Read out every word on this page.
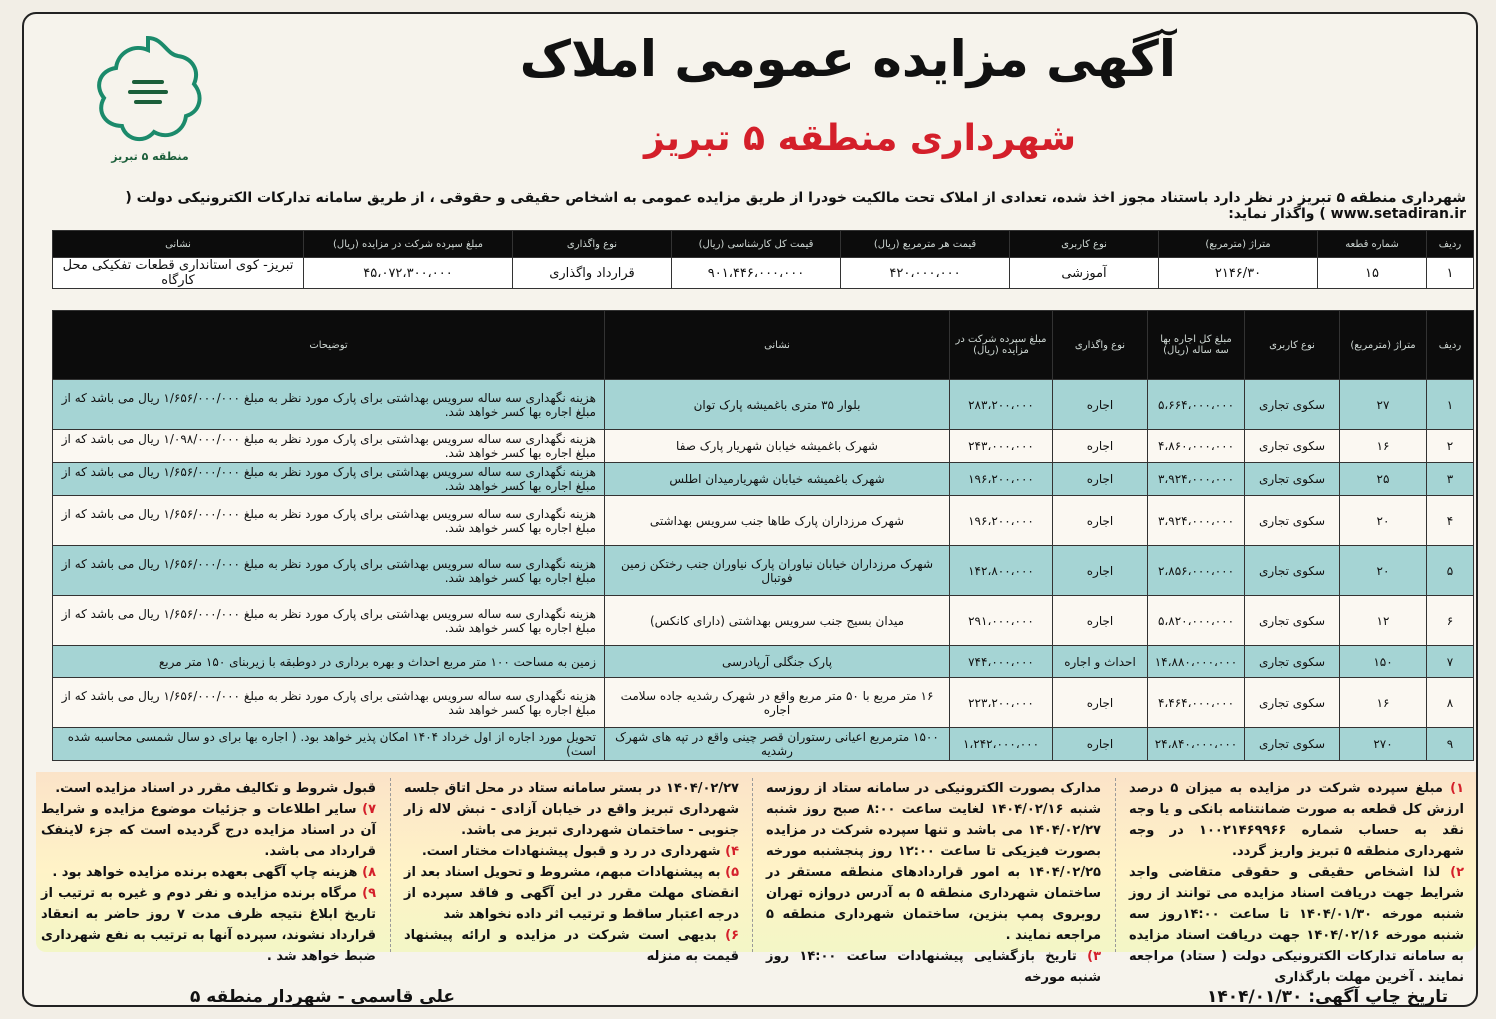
منطقه ۵ تبریز
آگهی مزایده عمومی املاک
شهرداری منطقه ۵ تبریز
شهرداری منطقه ۵ تبریز در نظر دارد باستناد مجوز اخذ شده، تعدادی از املاک تحت مالکیت خودرا از طریق مزایده عمومی به اشخاص حقیقی و حقوقی ، از طریق سامانه تدارکات الکترونیکی دولت ( www.setadiran.ir ) واگذار نماید:
ردیف	شماره قطعه	متراژ (مترمربع)	نوع کاربری	قیمت هر مترمربع (ریال)	قیمت کل کارشناسی (ریال)	نوع واگذاری	مبلغ سپرده شرکت در مزایده (ریال)	نشانی
۱	۱۵	۲۱۴۶/۳۰	آموزشی	۴۲۰،۰۰۰،۰۰۰	۹۰۱،۴۴۶،۰۰۰،۰۰۰	قرارداد واگذاری	۴۵،۰۷۲،۳۰۰،۰۰۰	تبریز- کوی استانداری قطعات تفکیکی محل کارگاه
ردیف	متراژ (مترمربع)	نوع کاربری	مبلغ کل اجاره بها سه ساله (ریال)	نوع واگذاری	مبلغ سپرده شرکت در مزایده (ریال)	نشانی	توضیحات
۱	۲۷	سکوی تجاری	۵،۶۶۴،۰۰۰،۰۰۰	اجاره	۲۸۳،۲۰۰،۰۰۰	بلوار ۳۵ متری باغمیشه پارک توان	هزینه نگهداری سه ساله سرویس بهداشتی برای پارک مورد نظر به مبلغ ۱/۶۵۶/۰۰۰/۰۰۰ ریال می باشد که از مبلغ اجاره بها کسر خواهد شد.
۲	۱۶	سکوی تجاری	۴،۸۶۰،۰۰۰،۰۰۰	اجاره	۲۴۳،۰۰۰،۰۰۰	شهرک باغمیشه خیابان شهریار پارک صفا	هزینه نگهداری سه ساله سرویس بهداشتی برای پارک مورد نظر به مبلغ ۱/۰۹۸/۰۰۰/۰۰۰ ریال می باشد که از مبلغ اجاره بها کسر خواهد شد.
۳	۲۵	سکوی تجاری	۳،۹۲۴،۰۰۰،۰۰۰	اجاره	۱۹۶،۲۰۰،۰۰۰	شهرک باغمیشه خیابان شهریارمیدان اطلس	هزینه نگهداری سه ساله سرویس بهداشتی برای پارک مورد نظر به مبلغ ۱/۶۵۶/۰۰۰/۰۰۰ ریال می باشد که از مبلغ اجاره بها کسر خواهد شد.
۴	۲۰	سکوی تجاری	۳،۹۲۴،۰۰۰،۰۰۰	اجاره	۱۹۶،۲۰۰،۰۰۰	شهرک مرزداران پارک طاها جنب سرویس بهداشتی	هزینه نگهداری سه ساله سرویس بهداشتی برای پارک مورد نظر به مبلغ ۱/۶۵۶/۰۰۰/۰۰۰ ریال می باشد که از مبلغ اجاره بها کسر خواهد شد.
۵	۲۰	سکوی تجاری	۲،۸۵۶،۰۰۰،۰۰۰	اجاره	۱۴۲،۸۰۰،۰۰۰	شهرک مرزداران خیابان نیاوران پارک نیاوران جنب رختکن زمین فوتبال	هزینه نگهداری سه ساله سرویس بهداشتی برای پارک مورد نظر به مبلغ ۱/۶۵۶/۰۰۰/۰۰۰ ریال می باشد که از مبلغ اجاره بها کسر خواهد شد.
۶	۱۲	سکوی تجاری	۵،۸۲۰،۰۰۰،۰۰۰	اجاره	۲۹۱،۰۰۰،۰۰۰	میدان بسیج جنب سرویس بهداشتی (دارای کانکس)	هزینه نگهداری سه ساله سرویس بهداشتی برای پارک مورد نظر به مبلغ ۱/۶۵۶/۰۰۰/۰۰۰ ریال می باشد که از مبلغ اجاره بها کسر خواهد شد.
۷	۱۵۰	سکوی تجاری	۱۴،۸۸۰،۰۰۰،۰۰۰	احداث و اجاره	۷۴۴،۰۰۰،۰۰۰	پارک جنگلی آرپادرسی	زمین به مساحت ۱۰۰ متر مربع احداث و بهره برداری در دوطبقه با زیربنای ۱۵۰ متر مربع
۸	۱۶	سکوی تجاری	۴،۴۶۴،۰۰۰،۰۰۰	اجاره	۲۲۳،۲۰۰،۰۰۰	۱۶ متر مربع با ۵۰ متر مربع واقع در شهرک رشدیه جاده سلامت اجاره	هزینه نگهداری سه ساله سرویس بهداشتی برای پارک مورد نظر به مبلغ ۱/۶۵۶/۰۰۰/۰۰۰ ریال می باشد که از مبلغ اجاره بها کسر خواهد شد
۹	۲۷۰	سکوی تجاری	۲۴،۸۴۰،۰۰۰،۰۰۰	اجاره	۱،۲۴۲،۰۰۰،۰۰۰	۱۵۰۰ مترمربع اعیانی رستوران قصر چینی واقع در تپه های شهرک رشدیه	تحویل مورد اجاره از اول خرداد ۱۴۰۴ امکان پذیر خواهد بود. ( اجاره بها برای دو سال شمسی محاسبه شده است)
۱) مبلغ سپرده شرکت در مزایده به میزان ۵ درصد ارزش کل قطعه به صورت ضمانتنامه بانکی و یا وجه نقد به حساب شماره ۱۰۰۲۱۴۶۹۹۶۶ در وجه شهرداری منطقه ۵ تبریز واریز گردد.
۲) لذا اشخاص حقیقی و حقوقی متقاضی واجد شرایط جهت دریافت اسناد مزایده می توانند از روز شنبه مورخه ۱۴۰۴/۰۱/۳۰ تا ساعت ۱۴:۰۰روز سه شنبه مورخه ۱۴۰۴/۰۲/۱۶ جهت دریافت اسناد مزایده به سامانه تدارکات الکترونیکی دولت ( ستاد) مراجعه نمایند . آخرین مهلت بارگذاری
مدارک بصورت الکترونیکی در سامانه ستاد از روزسه شنبه ۱۴۰۴/۰۲/۱۶ لغایت ساعت ۸:۰۰ صبح روز شنبه ۱۴۰۴/۰۲/۲۷ می باشد و تنها سپرده شرکت در مزایده بصورت فیزیکی تا ساعت ۱۲:۰۰ روز پنجشنبه مورخه ۱۴۰۴/۰۲/۲۵ به امور قراردادهای منطقه مستقر در ساختمان شهرداری منطقه ۵ به آدرس دروازه تهران روبروی پمپ بنزین، ساختمان شهرداری منطقه ۵ مراجعه نمایند .
۳) تاریخ بازگشایی پیشنهادات ساعت ۱۴:۰۰ روز شنبه مورخه
۱۴۰۴/۰۲/۲۷ در بستر سامانه ستاد در محل اتاق جلسه شهرداری تبریز واقع در خیابان آزادی - نبش لاله زار جنوبی - ساختمان شهرداری تبریز می باشد.
۴) شهرداری در رد و قبول پیشنهادات مختار است.
۵) به پیشنهادات مبهم، مشروط و تحویل اسناد بعد از انقضای مهلت مقرر در این آگهی و فاقد سپرده از درجه اعتبار ساقط و ترتیب اثر داده نخواهد شد
۶) بدیهی است شرکت در مزایده و ارائه پیشنهاد قیمت به منزله
قبول شروط و تکالیف مقرر در اسناد مزایده است.
۷) سایر اطلاعات و جزئیات موضوع مزایده و شرایط آن در اسناد مزایده درج گردیده است که جزء لاینفک قرارداد می باشد.
۸) هزینه چاپ آگهی بعهده برنده مزایده خواهد بود .
۹) مرگاه برنده مزایده و نفر دوم و غیره به ترتیب از تاریخ ابلاغ نتیجه ظرف مدت ۷ روز حاضر به انعقاد قرارداد نشوند، سپرده آنها به ترتیب به نفع شهرداری ضبط خواهد شد .
تاریخ چاپ آگهی: ۱۴۰۴/۰۱/۳۰
علی قاسمی - شهردار منطقه ۵
